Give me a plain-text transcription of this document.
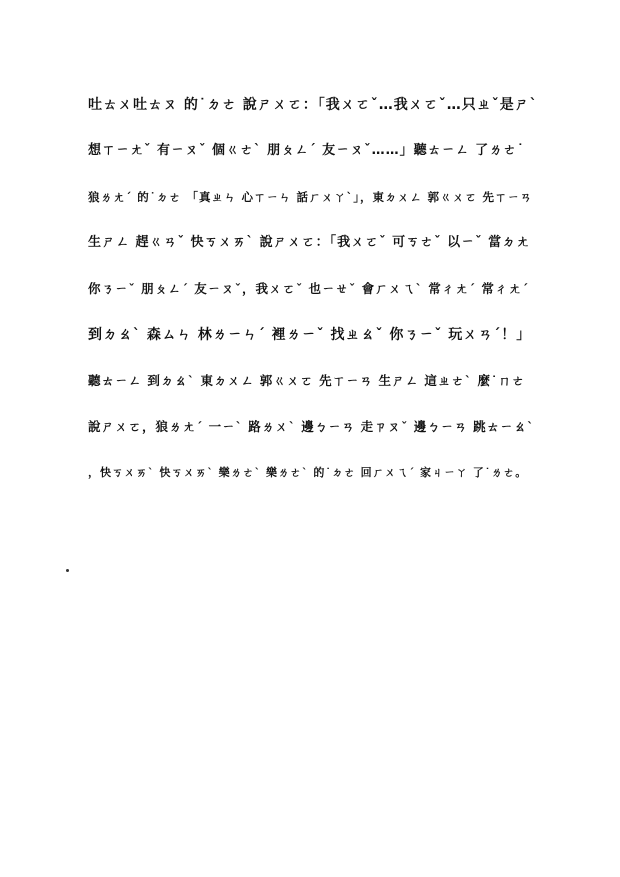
吐ㄊㄨ吐ㄊㄡ 的˙ㄉㄜ 說ㄕㄨㄛ：「我ㄨㄛˇ…我ㄨㄛˇ…只ㄓˇ是ㄕˋ
想ㄒㄧㄤˇ 有ㄧㄡˇ 個ㄍㄜˋ 朋ㄆㄥˊ 友ㄧㄡˇ……」聽ㄊㄧㄥ 了ㄌㄜ˙
狼ㄌㄤˊ 的˙ㄉㄜ 「真ㄓㄣ 心ㄒㄧㄣ 話ㄏㄨㄚˋ」，東ㄉㄨㄥ 郭ㄍㄨㄛ 先ㄒㄧㄢ
生ㄕㄥ 趕ㄍㄢˇ 快ㄎㄨㄞˋ 說ㄕㄨㄛ：「我ㄨㄛˇ 可ㄎㄜˇ 以ㄧˇ 當ㄉㄤ
你ㄋㄧˇ 朋ㄆㄥˊ 友ㄧㄡˇ，我ㄨㄛˇ 也ㄧㄝˇ 會ㄏㄨㄟˋ 常ㄔㄤˊ 常ㄔㄤˊ
到ㄉㄠˋ 森ㄙㄣ 林ㄌㄧㄣˊ 裡ㄌㄧˇ 找ㄓㄠˇ 你ㄋㄧˇ 玩ㄨㄢˊ！」
聽ㄊㄧㄥ 到ㄉㄠˋ 東ㄉㄨㄥ 郭ㄍㄨㄛ 先ㄒㄧㄢ 生ㄕㄥ 這ㄓㄜˋ 麼˙ㄇㄜ
說ㄕㄨㄛ，狼ㄌㄤˊ 一ㄧˋ 路ㄌㄨˋ 邊ㄅㄧㄢ 走ㄗㄡˇ 邊ㄅㄧㄢ 跳ㄊㄧㄠˋ
，快ㄎㄨㄞˋ 快ㄎㄨㄞˋ 樂ㄌㄜˋ 樂ㄌㄜˋ 的˙ㄉㄜ 回ㄏㄨㄟˊ 家ㄐㄧㄚ 了˙ㄌㄜ。
